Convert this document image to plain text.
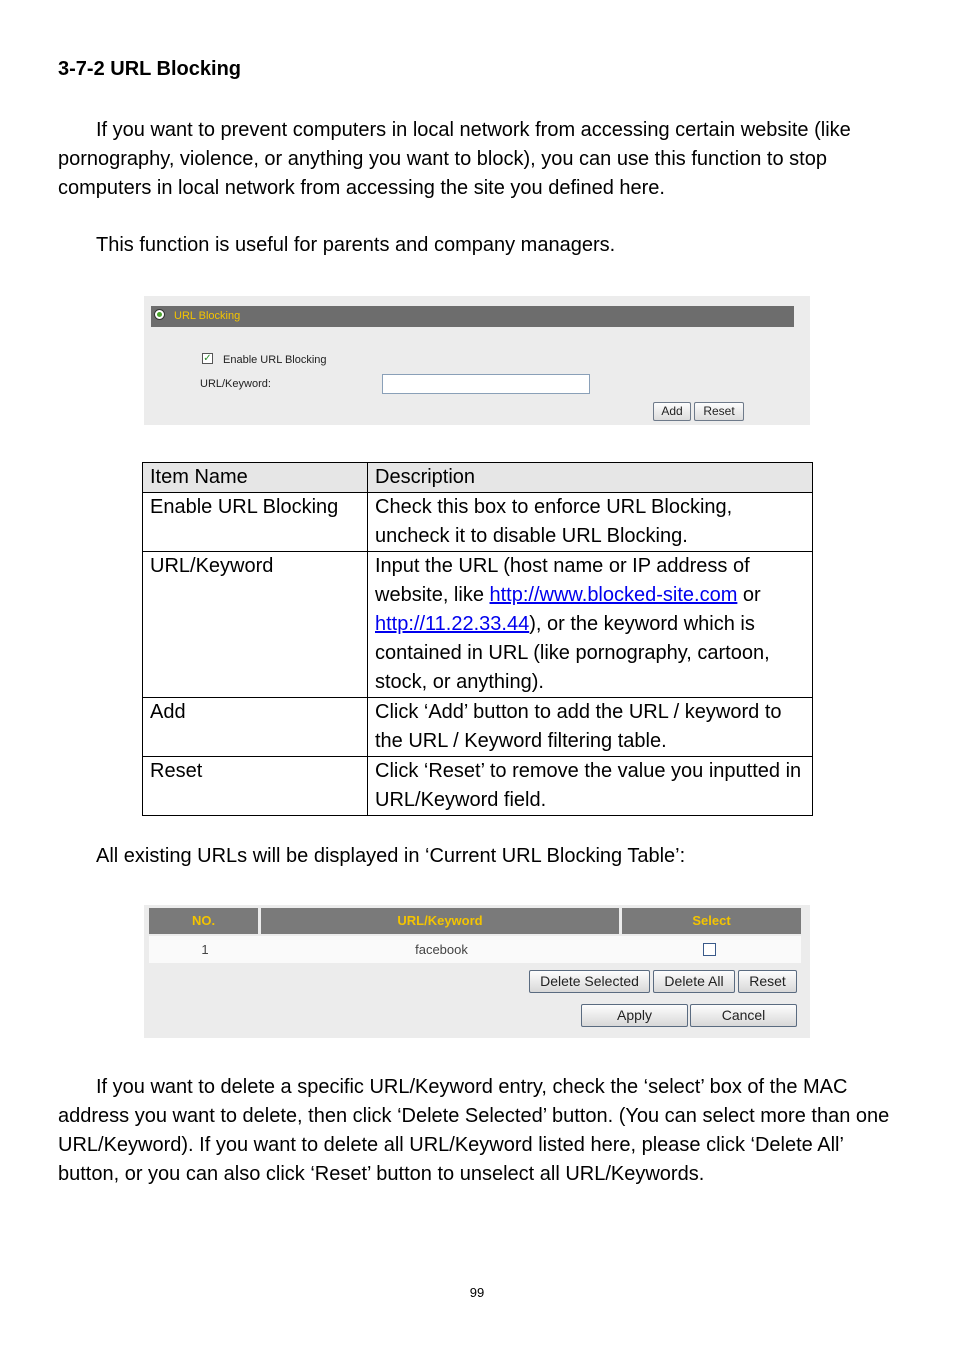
3-7-2 URL Blocking

If you want to prevent computers in local network from accessing certain website (like pornography, violence, or anything you want to block), you can use this function to stop computers in local network from accessing the site you defined here.

This function is useful for parents and company managers.

URL Blocking
✓ Enable URL Blocking
URL/Keyword:
Add	Reset
Item Name	Description
Enable URL Blocking	Check this box to enforce URL Blocking, uncheck it to disable URL Blocking.
URL/Keyword	Input the URL (host name or IP address of website, like http://www.blocked-site.com or http://11.22.33.44), or the keyword which is contained in URL (like pornography, cartoon, stock, or anything).
Add	Click ‘Add’ button to add the URL / keyword to the URL / Keyword filtering table.
Reset	Click ‘Reset’ to remove the value you inputted in URL/Keyword field.

All existing URLs will be displayed in ‘Current URL Blocking Table’:

NO.	URL/Keyword	Select
1	facebook
Delete Selected	Delete All	Reset
Apply	Cancel

If you want to delete a specific URL/Keyword entry, check the ‘select’ box of the MAC address you want to delete, then click ‘Delete Selected’ button. (You can select more than one URL/Keyword). If you want to delete all URL/Keyword listed here, please click ‘Delete All’ button, or you can also click ‘Reset’ button to unselect all URL/Keywords.

99
